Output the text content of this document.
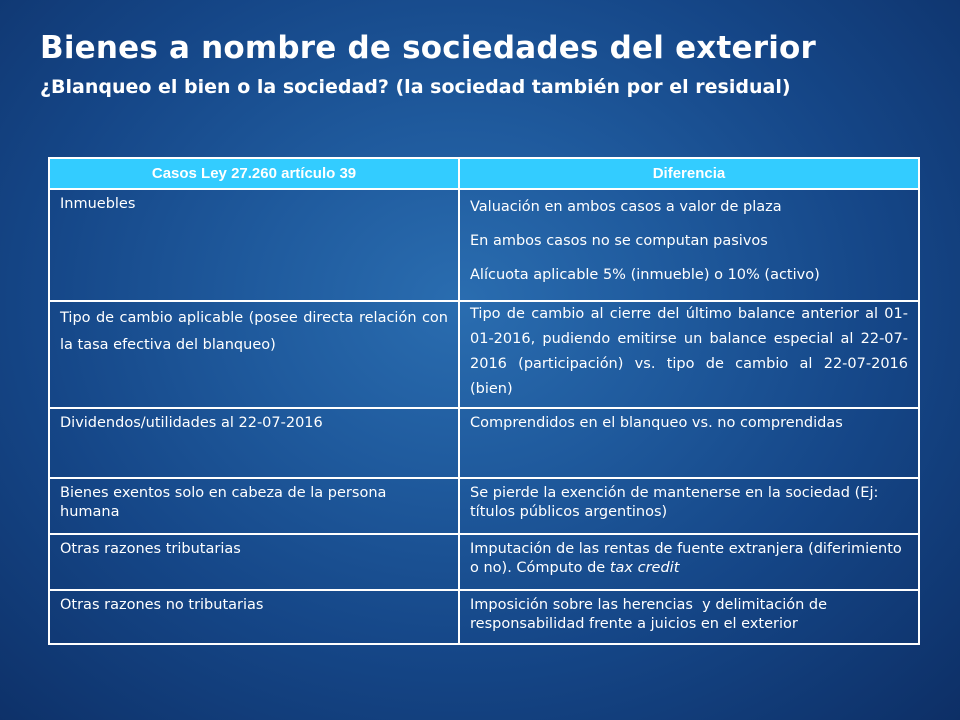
Bienes a nombre de sociedades del exterior
¿Blanqueo el bien o la sociedad? (la sociedad también por el residual)
Casos Ley 27.260 artículo 39	Diferencia
Inmuebles	Valuación en ambos casos a valor de plaza
En ambos casos no se computan pasivos
Alícuota aplicable 5% (inmueble) o 10% (activo)

Tipo de cambio aplicable (posee directa relación con la tasa efectiva del blanqueo)	Tipo de cambio al cierre del último balance anterior al 01-01-2016, pudiendo emitirse un balance especial al 22-07-2016 (participación) vs. tipo de cambio al 22-07-2016 (bien)
Dividendos/utilidades al 22-07-2016	Comprendidos en el blanqueo vs. no comprendidas
Bienes exentos solo en cabeza de la persona humana	Se pierde la exención de mantenerse en la sociedad (Ej: títulos públicos argentinos)
Otras razones tributarias	Imputación de las rentas de fuente extranjera (diferimiento o no). Cómputo de tax credit
Otras razones no tributarias	Imposición sobre las herencias  y delimitación de responsabilidad frente a juicios en el exterior
